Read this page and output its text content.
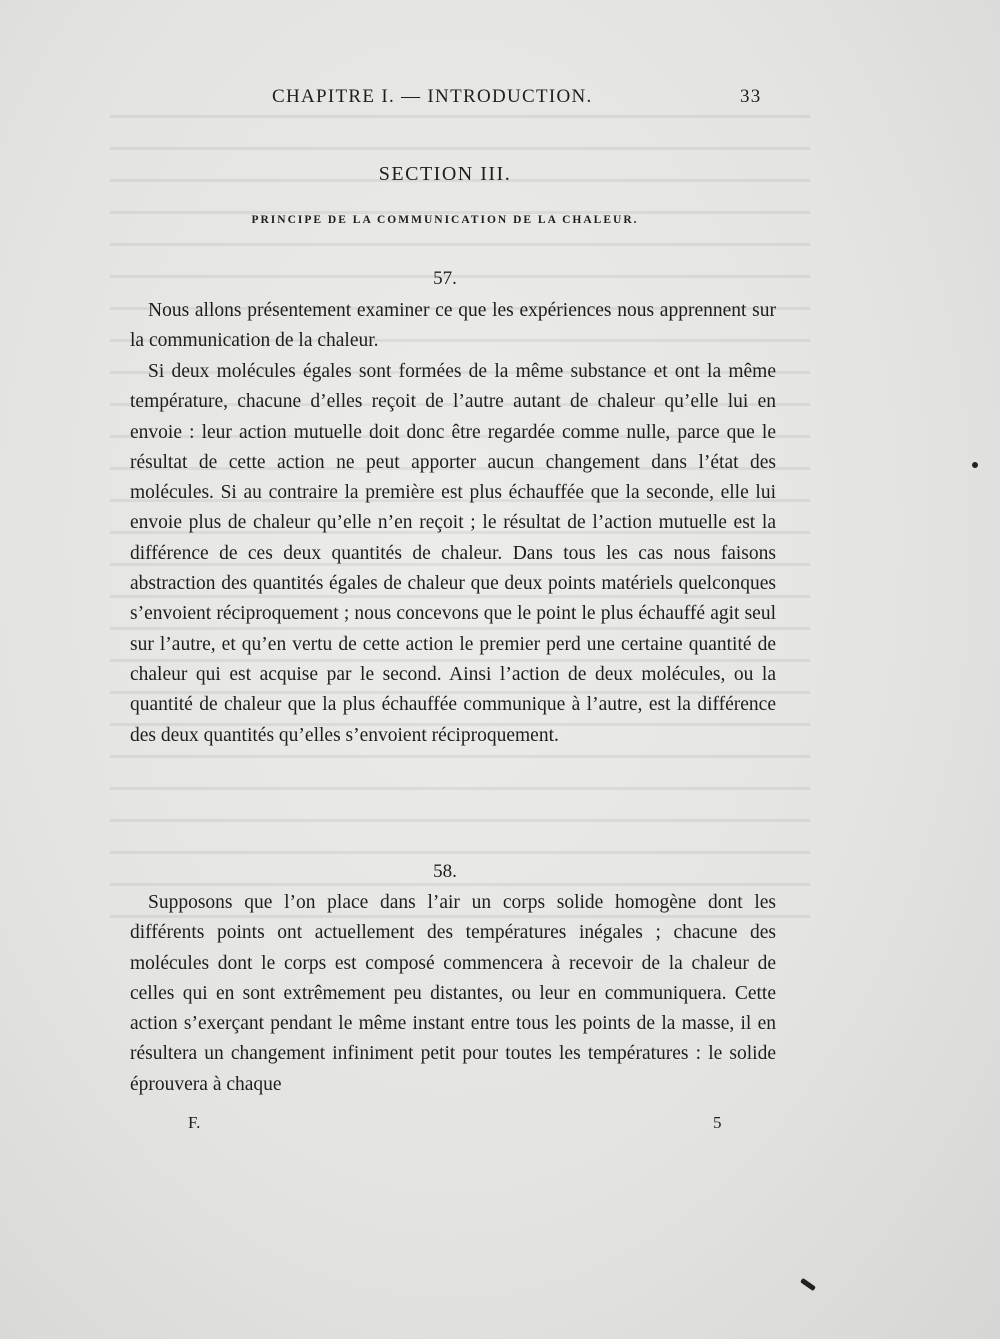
CHAPITRE I. — INTRODUCTION.	33
SECTION III.
PRINCIPE DE LA COMMUNICATION DE LA CHALEUR.
57.

Nous allons présentement examiner ce que les expériences nous apprennent sur la communication de la chaleur.

Si deux molécules égales sont formées de la même substance et ont la même température, chacune d’elles reçoit de l’autre autant de chaleur qu’elle lui en envoie : leur action mutuelle doit donc être regardée comme nulle, parce que le résultat de cette action ne peut apporter aucun changement dans l’état des molécules. Si au contraire la première est plus échauffée que la seconde, elle lui envoie plus de chaleur qu’elle n’en reçoit ; le résultat de l’action mutuelle est la différence de ces deux quantités de chaleur. Dans tous les cas nous faisons abstraction des quantités égales de chaleur que deux points matériels quelconques s’envoient réciproquement ; nous concevons que le point le plus échauffé agit seul sur l’autre, et qu’en vertu de cette action le premier perd une certaine quantité de chaleur qui est acquise par le second. Ainsi l’action de deux molécules, ou la quantité de chaleur que la plus échauffée communique à l’autre, est la différence des deux quantités qu’elles s’envoient réciproquement.

58.

Supposons que l’on place dans l’air un corps solide homogène dont les différents points ont actuellement des températures inégales ; chacune des molécules dont le corps est composé commencera à recevoir de la chaleur de celles qui en sont extrêmement peu distantes, ou leur en communiquera. Cette action s’exerçant pendant le même instant entre tous les points de la masse, il en résultera un changement infiniment petit pour toutes les températures : le solide éprouvera à chaque

F.	5
